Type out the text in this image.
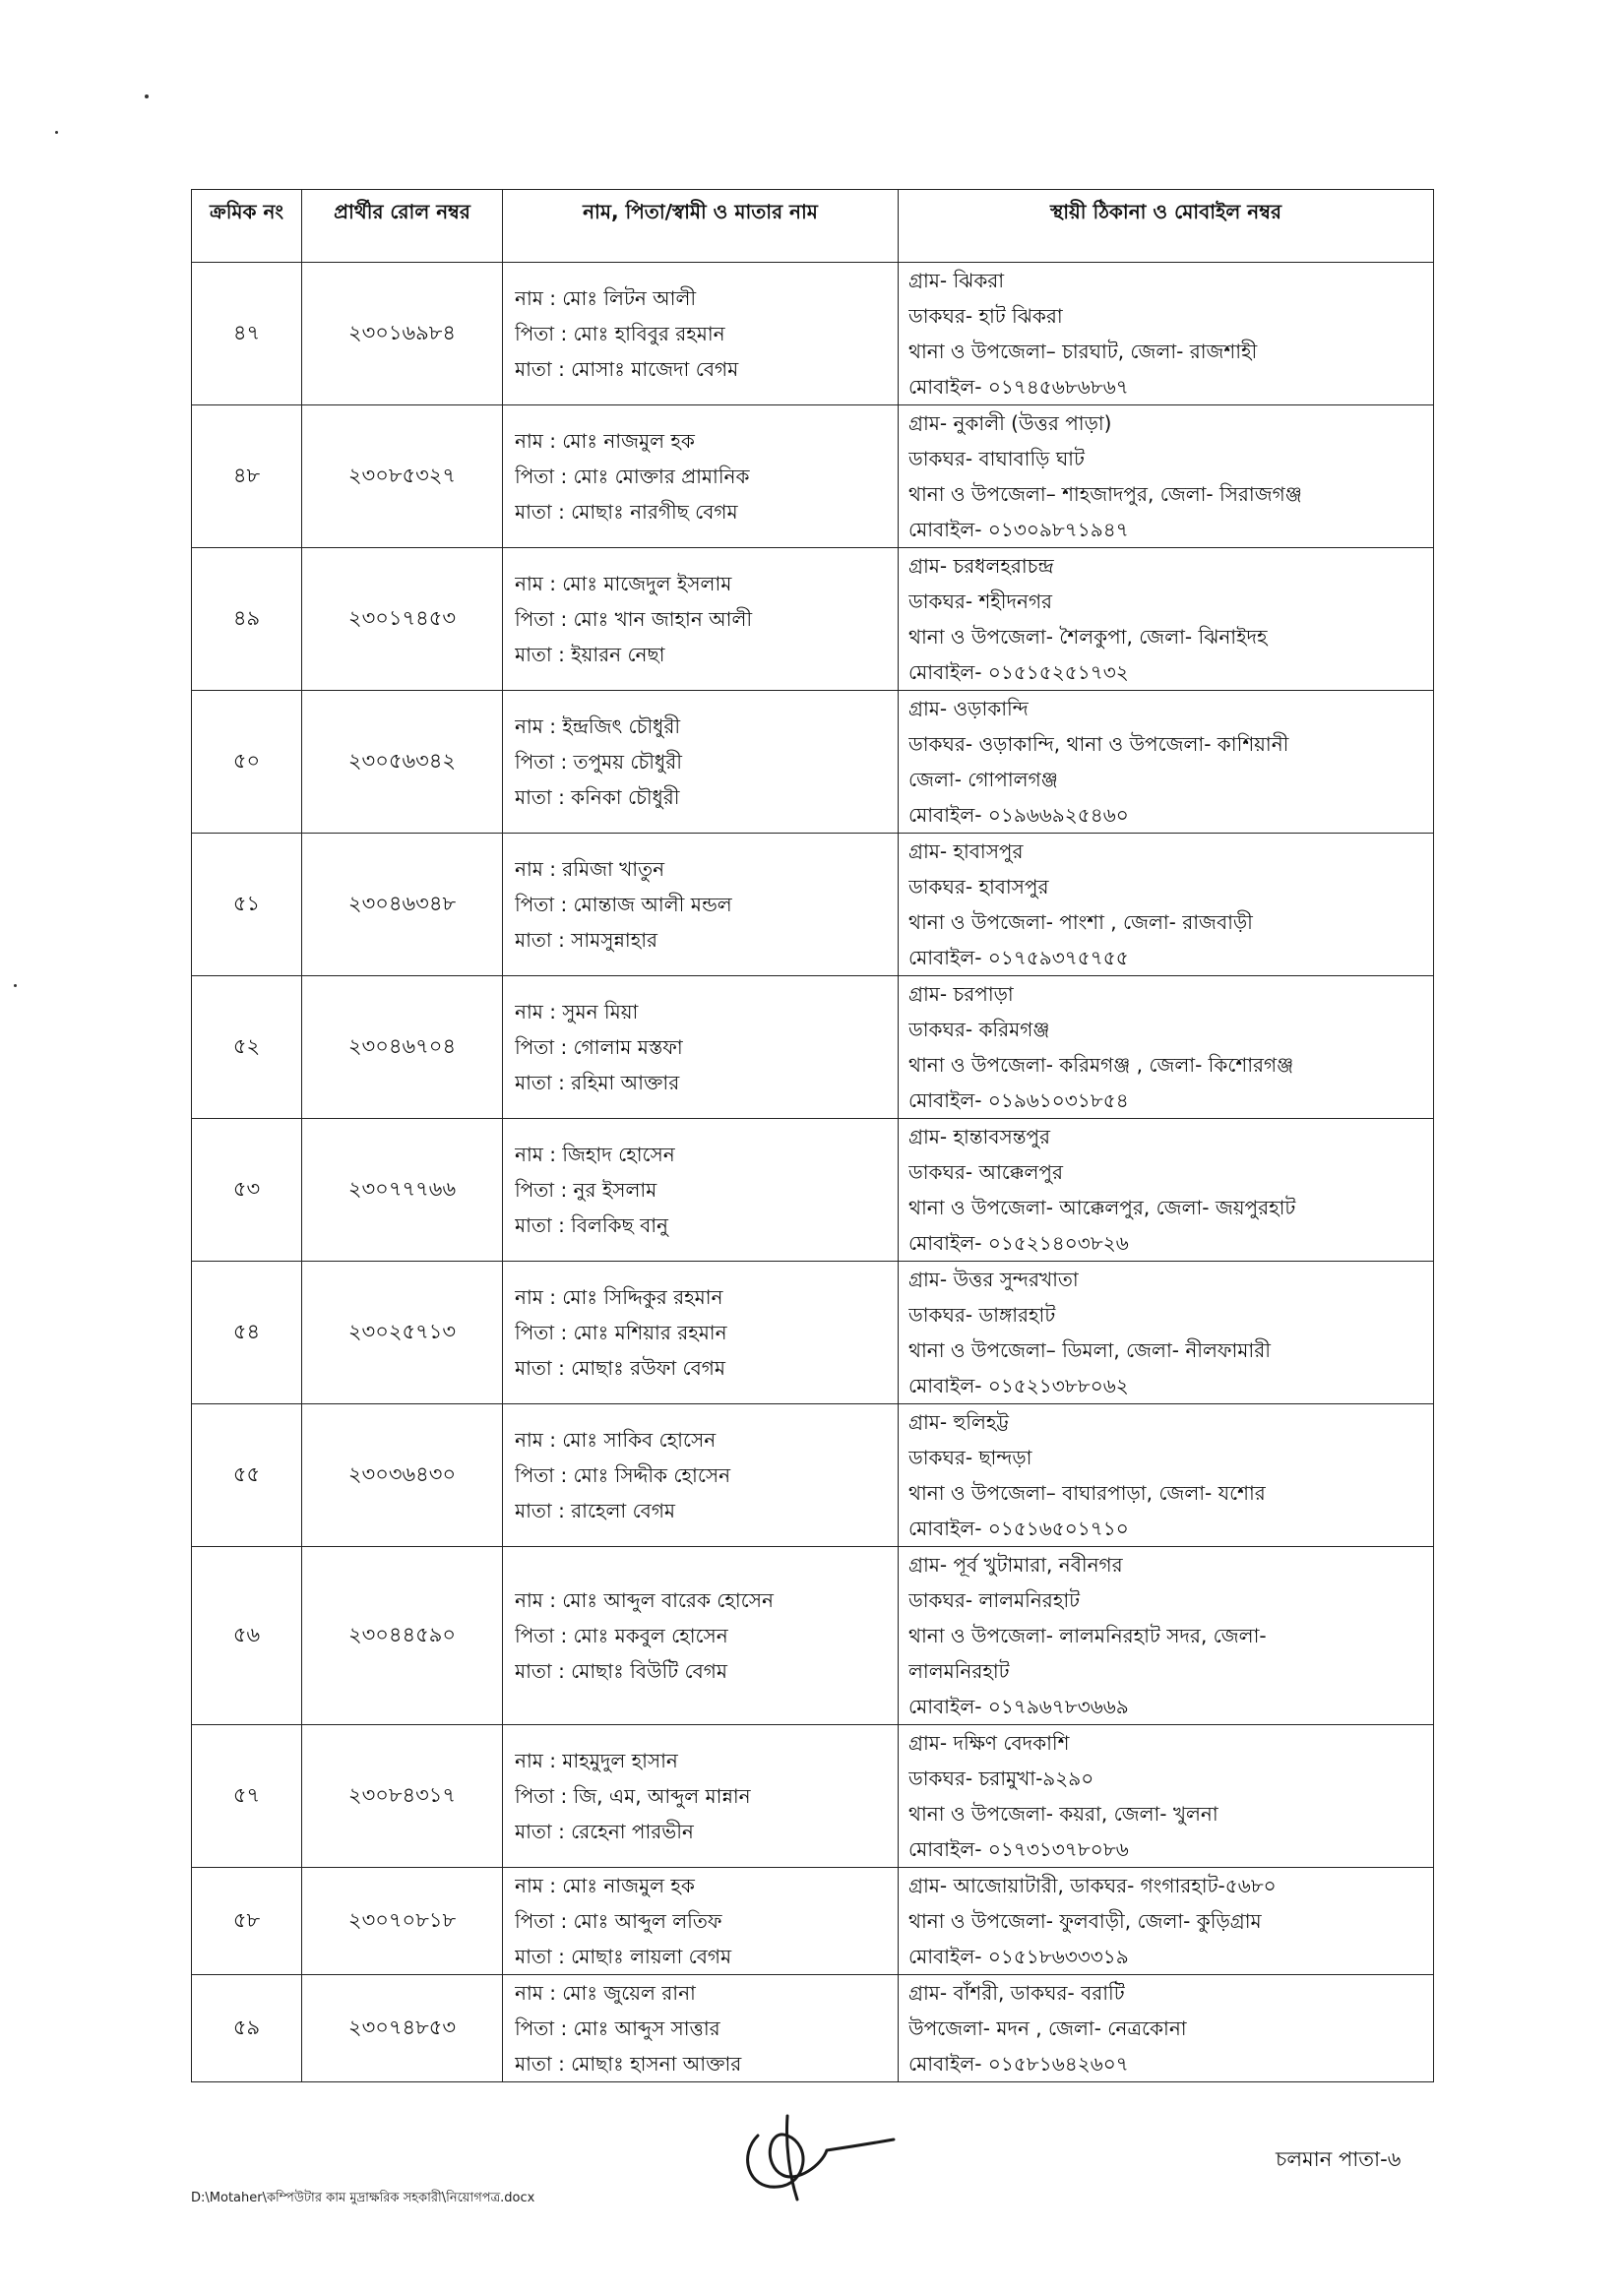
ক্রমিক নং	প্রার্থীর রোল নম্বর	নাম, পিতা/স্বামী ও মাতার নাম	স্থায়ী ঠিকানা ও মোবাইল নম্বর
৪৭	২৩০১৬৯৮৪	নাম : মোঃ লিটন আলী
পিতা : মোঃ হাবিবুর রহমান
মাতা : মোসাঃ মাজেদা বেগম	গ্রাম- ঝিকরা
ডাকঘর- হাট ঝিকরা
থানা ও উপজেলা– চারঘাট, জেলা- রাজশাহী
মোবাইল- ০১৭৪৫৬৮৬৮৬৭

৪৮	২৩০৮৫৩২৭	নাম : মোঃ নাজমুল হক
পিতা : মোঃ মোক্তার প্রামানিক
মাতা : মোছাঃ নারগীছ বেগম	গ্রাম- নুকালী (উত্তর পাড়া)
ডাকঘর- বাঘাবাড়ি ঘাট
থানা ও উপজেলা– শাহজাদপুর, জেলা- সিরাজগঞ্জ
মোবাইল- ০১৩০৯৮৭১৯৪৭

৪৯	২৩০১৭৪৫৩	নাম : মোঃ মাজেদুল ইসলাম
পিতা : মোঃ খান জাহান আলী
মাতা : ইয়ারন নেছা	গ্রাম- চরধলহরাচন্দ্র
ডাকঘর- শহীদনগর
থানা ও উপজেলা- শৈলকুপা, জেলা- ঝিনাইদহ
মোবাইল- ০১৫১৫২৫১৭৩২

৫০	২৩০৫৬৩৪২	নাম : ইন্দ্রজিৎ চৌধুরী
পিতা : তপুময় চৌধুরী
মাতা : কনিকা চৌধুরী	গ্রাম- ওড়াকান্দি
ডাকঘর- ওড়াকান্দি, থানা ও উপজেলা- কাশিয়ানী
জেলা- গোপালগঞ্জ
মোবাইল- ০১৯৬৬৯২৫৪৬০

৫১	২৩০৪৬৩৪৮	নাম : রমিজা খাতুন
পিতা : মোন্তাজ আলী মন্ডল
মাতা : সামসুন্নাহার	গ্রাম- হাবাসপুর
ডাকঘর- হাবাসপুর
থানা ও উপজেলা- পাংশা , জেলা- রাজবাড়ী
মোবাইল- ০১৭৫৯৩৭৫৭৫৫

৫২	২৩০৪৬৭০৪	নাম : সুমন মিয়া
পিতা : গোলাম মস্তফা
মাতা : রহিমা আক্তার	গ্রাম- চরপাড়া
ডাকঘর- করিমগঞ্জ
থানা ও উপজেলা- করিমগঞ্জ , জেলা- কিশোরগঞ্জ
মোবাইল- ০১৯৬১০৩১৮৫৪

৫৩	২৩০৭৭৭৬৬	নাম : জিহাদ হোসেন
পিতা : নুর ইসলাম
মাতা : বিলকিছ বানু	গ্রাম- হান্তাবসন্তপুর
ডাকঘর- আক্কেলপুর
থানা ও উপজেলা- আক্কেলপুর, জেলা- জয়পুরহাট
মোবাইল- ০১৫২১৪০৩৮২৬

৫৪	২৩০২৫৭১৩	নাম : মোঃ সিদ্দিকুর রহমান
পিতা : মোঃ মশিয়ার রহমান
মাতা : মোছাঃ রউফা বেগম	গ্রাম- উত্তর সুন্দরখাতা
ডাকঘর- ডাঙ্গারহাট
থানা ও উপজেলা– ডিমলা, জেলা- নীলফামারী
মোবাইল- ০১৫২১৩৮৮০৬২

৫৫	২৩০৩৬৪৩০	নাম : মোঃ সাকিব হোসেন
পিতা : মোঃ সিদ্দীক হোসেন
মাতা : রাহেলা বেগম	গ্রাম- হুলিহট্ট
ডাকঘর- ছান্দড়া
থানা ও উপজেলা– বাঘারপাড়া, জেলা- যশোর
মোবাইল- ০১৫১৬৫০১৭১০

৫৬	২৩০৪৪৫৯০	নাম : মোঃ আব্দুল বারেক হোসেন
পিতা : মোঃ মকবুল হোসেন
মাতা : মোছাঃ বিউটি বেগম	গ্রাম- পূর্ব খুটামারা, নবীনগর
ডাকঘর- লালমনিরহাট
থানা ও উপজেলা- লালমনিরহাট সদর, জেলা-
লালমনিরহাট
মোবাইল- ০১৭৯৬৭৮৩৬৬৯

৫৭	২৩০৮৪৩১৭	নাম : মাহমুদুল হাসান
পিতা : জি, এম, আব্দুল মান্নান
মাতা : রেহেনা পারভীন	গ্রাম- দক্ষিণ বেদকাশি
ডাকঘর- চরামুখা-৯২৯০
থানা ও উপজেলা- কয়রা, জেলা- খুলনা
মোবাইল- ০১৭৩১৩৭৮০৮৬

৫৮	২৩০৭০৮১৮	নাম : মোঃ নাজমুল হক
পিতা : মোঃ আব্দুল লতিফ
মাতা : মোছাঃ লায়লা বেগম	গ্রাম- আজোয়াটারী, ডাকঘর- গংগারহাট-৫৬৮০
থানা ও উপজেলা- ফুলবাড়ী, জেলা- কুড়িগ্রাম
মোবাইল- ০১৫১৮৬৩৩৩১৯

৫৯	২৩০৭৪৮৫৩	নাম : মোঃ জুয়েল রানা
পিতা : মোঃ আব্দুস সাত্তার
মাতা : মোছাঃ হাসনা আক্তার	গ্রাম- বাঁশরী, ডাকঘর- বরাটি
উপজেলা- মদন , জেলা- নেত্রকোনা
মোবাইল- ০১৫৮১৬৪২৬০৭
চলমান পাতা-৬
D:\Motaher\কম্পিউটার কাম মুদ্রাক্ষরিক সহকারী\নিয়োগপত্র.docx
